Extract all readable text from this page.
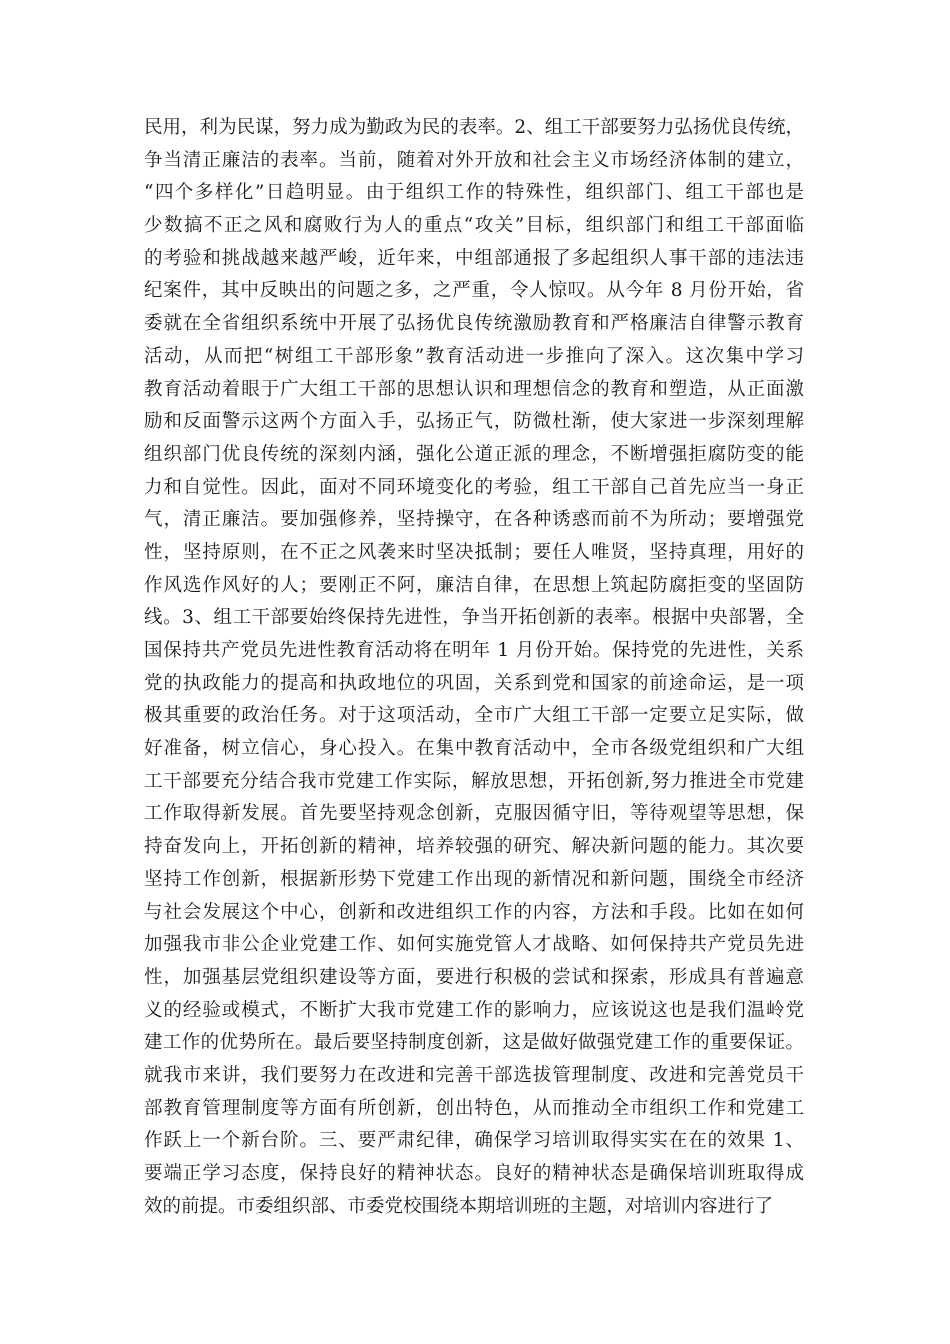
民用，利为民谋，努力成为勤政为民的表率。2、组工干部要努力弘扬优良传统，
争当清正廉洁的表率。当前，随着对外开放和社会主义市场经济体制的建立，
“四个多样化”日趋明显。由于组织工作的特殊性，组织部门、组工干部也是
少数搞不正之风和腐败行为人的重点“攻关”目标，组织部门和组工干部面临
的考验和挑战越来越严峻，近年来，中组部通报了多起组织人事干部的违法违
纪案件，其中反映出的问题之多，之严重，令人惊叹。从今年 8 月份开始，省
委就在全省组织系统中开展了弘扬优良传统激励教育和严格廉洁自律警示教育
活动，从而把“树组工干部形象”教育活动进一步推向了深入。这次集中学习
教育活动着眼于广大组工干部的思想认识和理想信念的教育和塑造，从正面激
励和反面警示这两个方面入手，弘扬正气，防微杜渐，使大家进一步深刻理解
组织部门优良传统的深刻内涵，强化公道正派的理念，不断增强拒腐防变的能
力和自觉性。因此，面对不同环境变化的考验，组工干部自己首先应当一身正
气，清正廉洁。要加强修养，坚持操守，在各种诱惑而前不为所动；要增强党
性，坚持原则，在不正之风袭来时坚决抵制；要任人唯贤，坚持真理，用好的
作风选作风好的人；要刚正不阿，廉洁自律，在思想上筑起防腐拒变的坚固防
线。3、组工干部要始终保持先进性，争当开拓创新的表率。根据中央部署，全
国保持共产党员先进性教育活动将在明年 1 月份开始。保持党的先进性，关系
党的执政能力的提高和执政地位的巩固，关系到党和国家的前途命运，是一项
极其重要的政治任务。对于这项活动，全市广大组工干部一定要立足实际，做
好准备，树立信心，身心投入。在集中教育活动中，全市各级党组织和广大组
工干部要充分结合我市党建工作实际，解放思想，开拓创新,努力推进全市党建
工作取得新发展。首先要坚持观念创新，克服因循守旧，等待观望等思想，保
持奋发向上，开拓创新的精神，培养较强的研究、解决新问题的能力。其次要
坚持工作创新，根据新形势下党建工作出现的新情况和新问题，围绕全市经济
与社会发展这个中心，创新和改进组织工作的内容，方法和手段。比如在如何
加强我市非公企业党建工作、如何实施党管人才战略、如何保持共产党员先进
性，加强基层党组织建设等方面，要进行积极的尝试和探索，形成具有普遍意
义的经验或模式，不断扩大我市党建工作的影响力，应该说这也是我们温岭党
建工作的优势所在。最后要坚持制度创新，这是做好做强党建工作的重要保证。
就我市来讲，我们要努力在改进和完善干部选拔管理制度、改进和完善党员干
部教育管理制度等方面有所创新，创出特色，从而推动全市组织工作和党建工
作跃上一个新台阶。三、要严肃纪律，确保学习培训取得实实在在的效果 1、
要端正学习态度，保持良好的精神状态。良好的精神状态是确保培训班取得成
效的前提。市委组织部、市委党校围绕本期培训班的主题，对培训内容进行了
